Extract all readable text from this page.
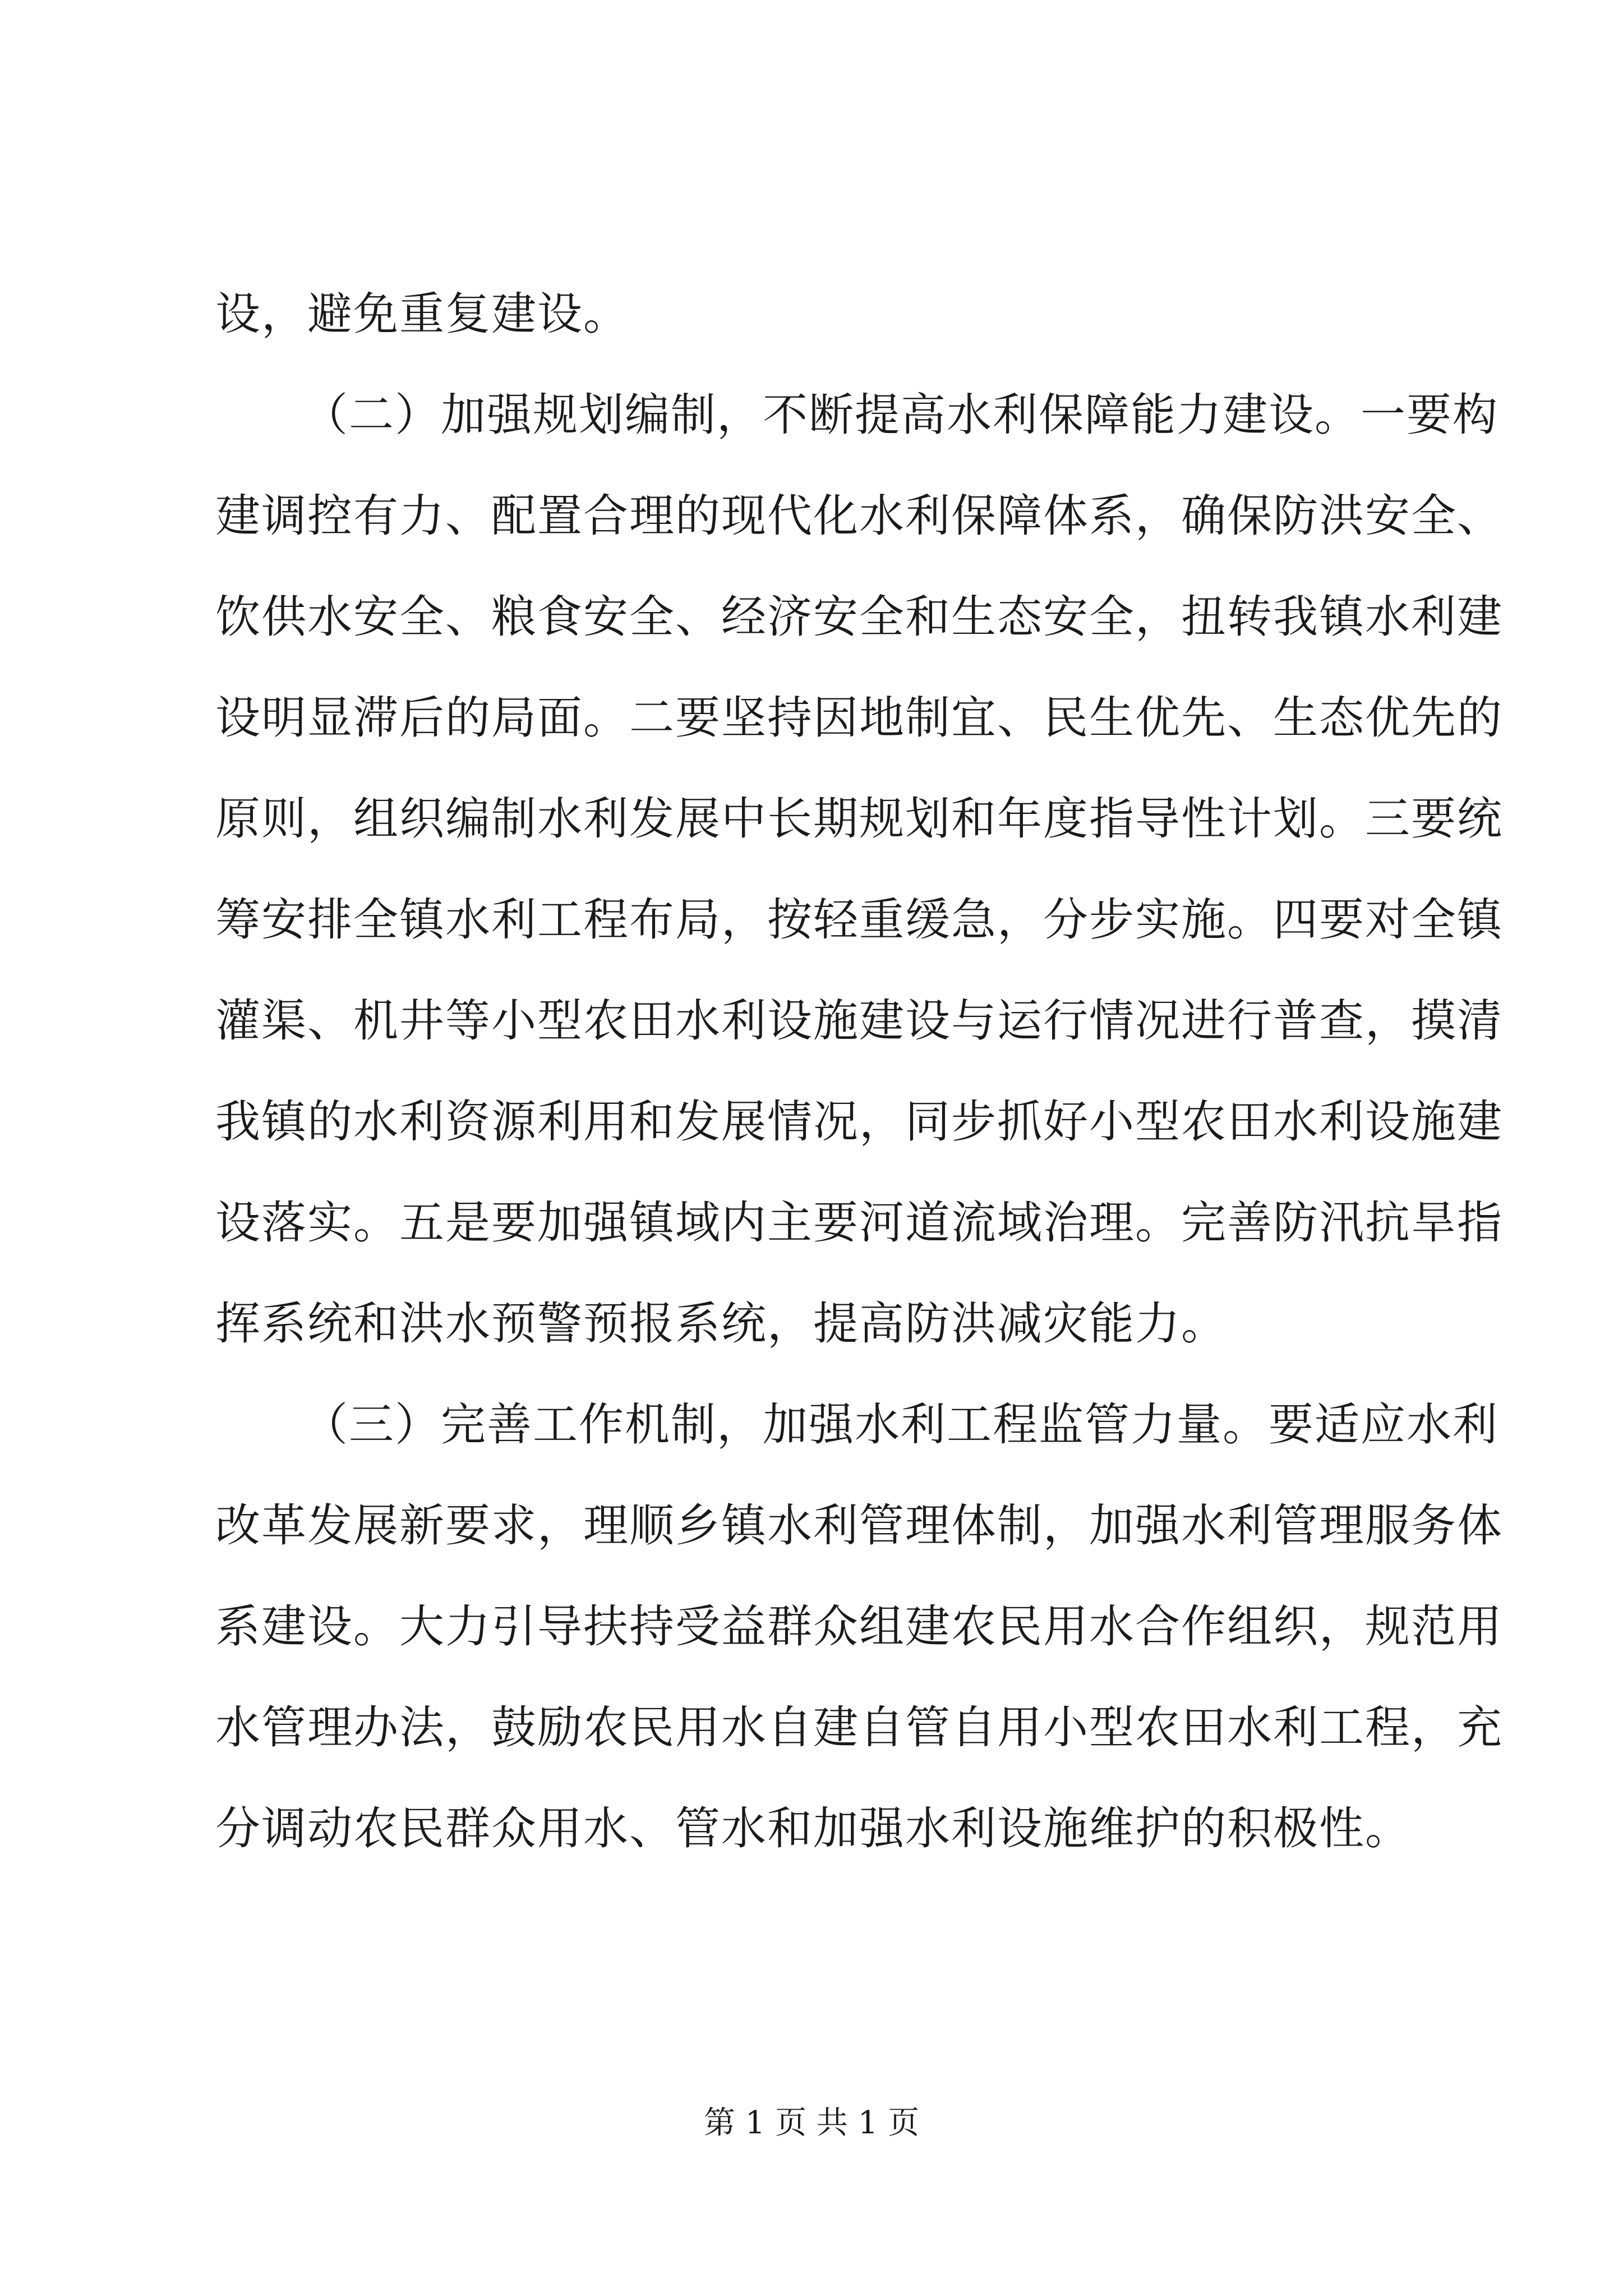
设，避免重复建设。
（二）加强规划编制，不断提高水利保障能力建设。一要构
建调控有力、配置合理的现代化水利保障体系，确保防洪安全、
饮供水安全、粮食安全、经济安全和生态安全，扭转我镇水利建
设明显滞后的局面。二要坚持因地制宜、民生优先、生态优先的
原则，组织编制水利发展中长期规划和年度指导性计划。三要统
筹安排全镇水利工程布局，按轻重缓急，分步实施。四要对全镇
灌渠、机井等小型农田水利设施建设与运行情况进行普查，摸清
我镇的水利资源利用和发展情况，同步抓好小型农田水利设施建
设落实。五是要加强镇域内主要河道流域治理。完善防汛抗旱指
挥系统和洪水预警预报系统，提高防洪减灾能力。
（三）完善工作机制，加强水利工程监管力量。要适应水利
改革发展新要求，理顺乡镇水利管理体制，加强水利管理服务体
系建设。大力引导扶持受益群众组建农民用水合作组织，规范用
水管理办法，鼓励农民用水自建自管自用小型农田水利工程，充
分调动农民群众用水、管水和加强水利设施维护的积极性。
第 1 页 共 1 页
